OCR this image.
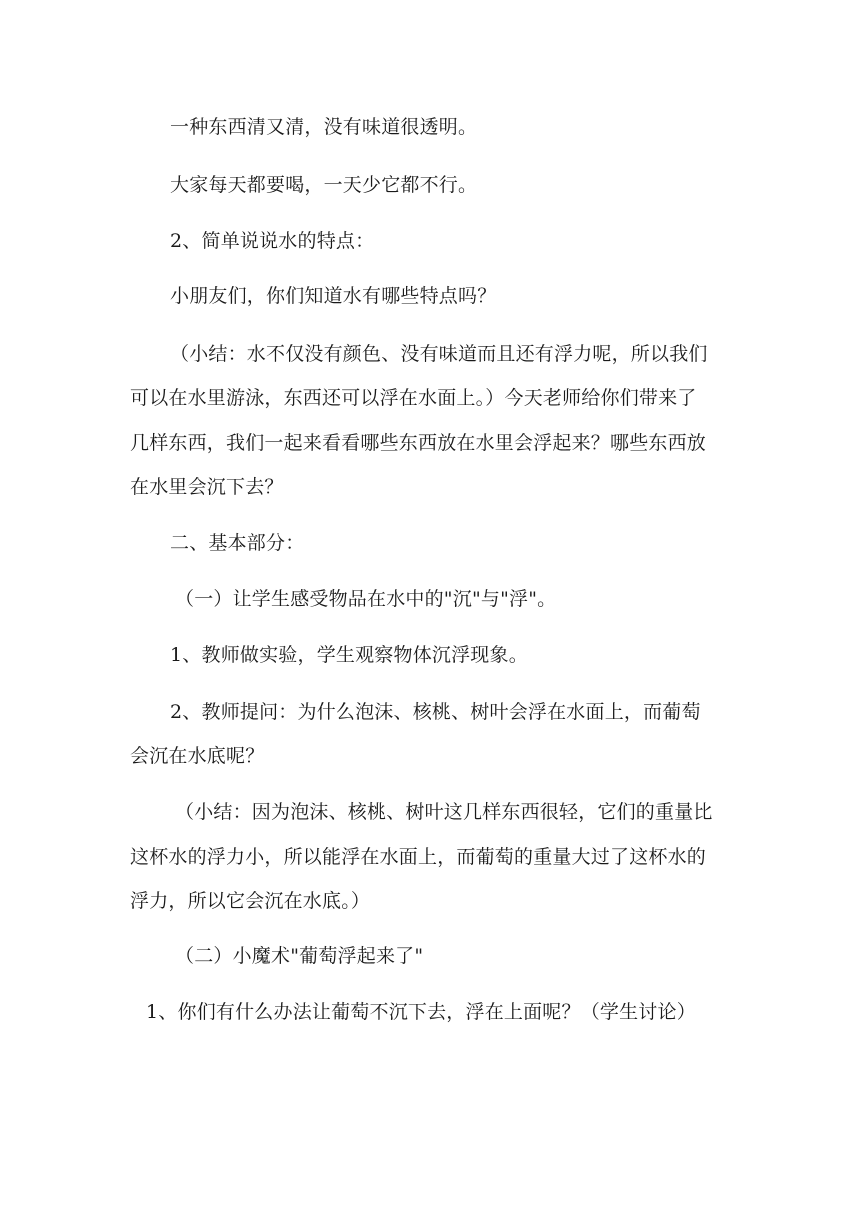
一种东西清又清，没有味道很透明。
大家每天都要喝，一天少它都不行。
2、简单说说水的特点：
小朋友们，你们知道水有哪些特点吗？
（小结：水不仅没有颜色、没有味道而且还有浮力呢，所以我们
可以在水里游泳，东西还可以浮在水面上。）今天老师给你们带来了
几样东西，我们一起来看看哪些东西放在水里会浮起来？哪些东西放
在水里会沉下去？
二、基本部分：
（一）让学生感受物品在水中的"沉"与"浮"。
1、教师做实验，学生观察物体沉浮现象。
2、教师提问：为什么泡沫、核桃、树叶会浮在水面上，而葡萄
会沉在水底呢？
（小结：因为泡沫、核桃、树叶这几样东西很轻，它们的重量比
这杯水的浮力小，所以能浮在水面上，而葡萄的重量大过了这杯水的
浮力，所以它会沉在水底。）
（二）小魔术"葡萄浮起来了"
1、你们有什么办法让葡萄不沉下去，浮在上面呢？（学生讨论）
